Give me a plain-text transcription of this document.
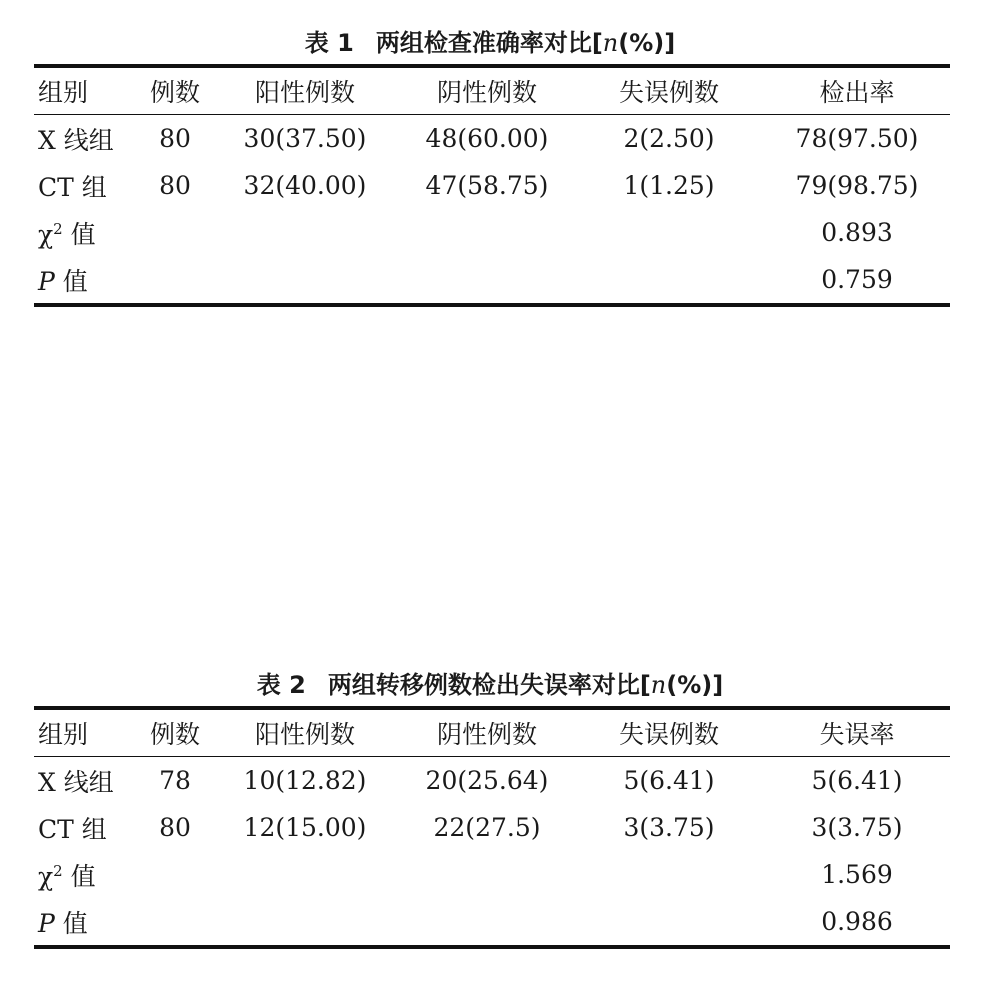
表 1 两组检查准确率对比[n(%)]
组别	例数	阳性例数	阴性例数	失误例数	检出率
X 线组	80	30(37.50)	48(60.00)	2(2.50)	78(97.50)
CT 组	80	32(40.00)	47(58.75)	1(1.25)	79(98.75)
$\chi^2$ 值					0.893
P 值					0.759
表 2 两组转移例数检出失误率对比[n(%)]
组别	例数	阳性例数	阴性例数	失误例数	失误率
X 线组	78	10(12.82)	20(25.64)	5(6.41)	5(6.41)
CT 组	80	12(15.00)	22(27.5)	3(3.75)	3(3.75)
$\chi^2$ 值					1.569
P 值					0.986
